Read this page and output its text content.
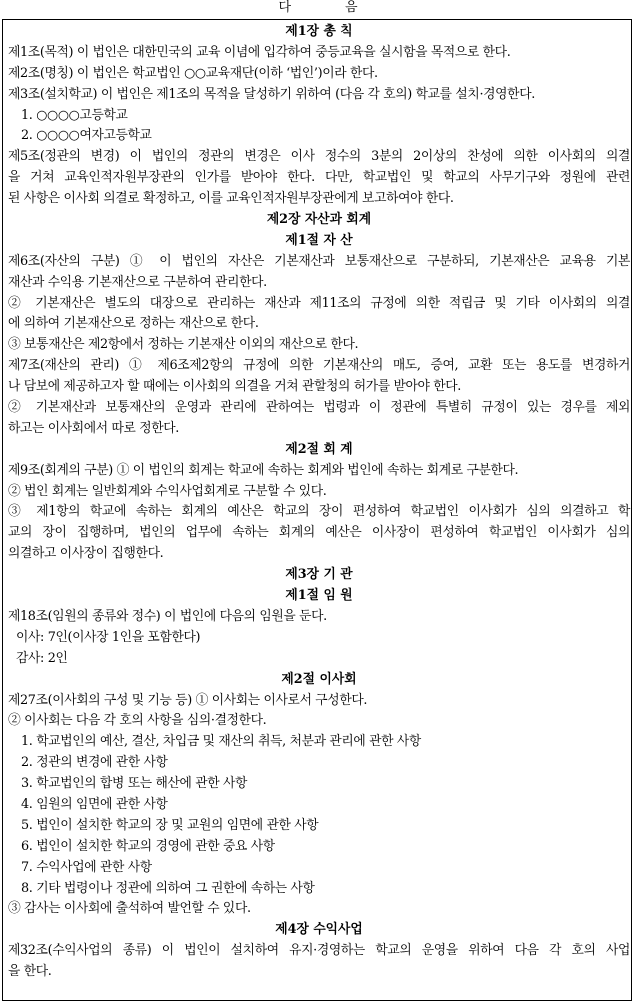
다	음
제1장 총 칙
제1조(목적) 이 법인은 대한민국의 교육 이념에 입각하여 중등교육을 실시함을 목적으로 한다.
제2조(명칭) 이 법인은 학교법인 ○○교육재단(이하 ‘법인’)이라 한다.
제3조(설치학교) 이 법인은 제1조의 목적을 달성하기 위하여 (다음 각 호의) 학교를 설치·경영한다.
1. ○○○○고등학교
2. ○○○○여자고등학교
제5조(정관의 변경) 이 법인의 정관의 변경은 이사 정수의 3분의 2이상의 찬성에 의한 이사회의 의결
을 거쳐 교육인적자원부장관의 인가를 받아야 한다. 다만, 학교법인 및 학교의 사무기구와 정원에 관련
된 사항은 이사회 의결로 확정하고, 이를 교육인적자원부장관에게 보고하여야 한다.
제2장 자산과 회계
제1절 자 산
제6조(자산의 구분) ① 이 법인의 자산은 기본재산과 보통재산으로 구분하되, 기본재산은 교육용 기본
재산과 수익용 기본재산으로 구분하여 관리한다.
② 기본재산은 별도의 대장으로 관리하는 재산과 제11조의 규정에 의한 적립금 및 기타 이사회의 의결
에 의하여 기본재산으로 정하는 재산으로 한다.
③ 보통재산은 제2항에서 정하는 기본재산 이외의 재산으로 한다.
제7조(재산의 관리) ① 제6조제2항의 규정에 의한 기본재산의 매도, 증여, 교환 또는 용도를 변경하거
나 담보에 제공하고자 할 때에는 이사회의 의결을 거쳐 관할청의 허가를 받아야 한다.
② 기본재산과 보통재산의 운영과 관리에 관하여는 법령과 이 정관에 특별히 규정이 있는 경우를 제외
하고는 이사회에서 따로 정한다.
제2절 회 계
제9조(회계의 구분) ① 이 법인의 회계는 학교에 속하는 회계와 법인에 속하는 회계로 구분한다.
② 법인 회계는 일반회계와 수익사업회계로 구분할 수 있다.
③ 제1항의 학교에 속하는 회계의 예산은 학교의 장이 편성하여 학교법인 이사회가 심의 의결하고 학
교의 장이 집행하며, 법인의 업무에 속하는 회계의 예산은 이사장이 편성하여 학교법인 이사회가 심의
의결하고 이사장이 집행한다.
제3장 기 관
제1절 임 원
제18조(임원의 종류와 정수) 이 법인에 다음의 임원을 둔다.
이사: 7인(이사장 1인을 포함한다)
감사: 2인
제2절 이사회
제27조(이사회의 구성 및 기능 등) ① 이사회는 이사로서 구성한다.
② 이사회는 다음 각 호의 사항을 심의·결정한다.
1. 학교법인의 예산, 결산, 차입금 및 재산의 취득, 처분과 관리에 관한 사항
2. 정관의 변경에 관한 사항
3. 학교법인의 합병 또는 해산에 관한 사항
4. 임원의 임면에 관한 사항
5. 법인이 설치한 학교의 장 및 교원의 임면에 관한 사항
6. 법인이 설치한 학교의 경영에 관한 중요 사항
7. 수익사업에 관한 사항
8. 기타 법령이나 정관에 의하여 그 권한에 속하는 사항
③ 감사는 이사회에 출석하여 발언할 수 있다.
제4장 수익사업
제32조(수익사업의 종류) 이 법인이 설치하여 유지·경영하는 학교의 운영을 위하여 다음 각 호의 사업
을 한다.
